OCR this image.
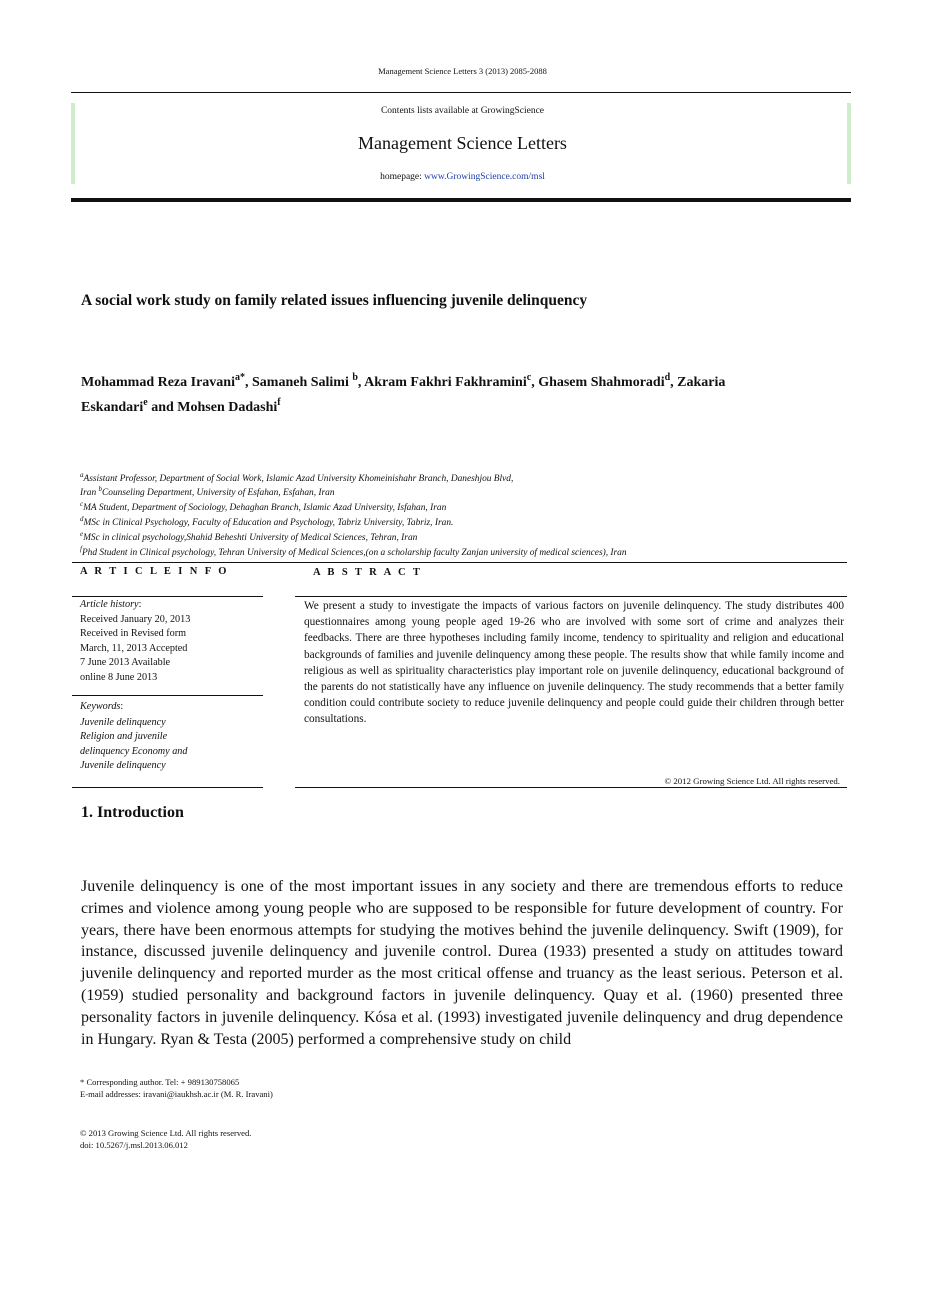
Management Science Letters 3 (2013) 2085-2088
Contents lists available at GrowingScience
Management Science Letters
homepage: www.GrowingScience.com/msl
A social work study on family related issues influencing juvenile delinquency
Mohammad Reza Iravani$^{a*}$, Samaneh Salimi $^b$, Akram Fakhri Fakhramini$^c$, Ghasem Shahmoradi$^d$, Zakaria Eskandari$^e$ and Mohsen Dadashi$^f$
$^a$Assistant Professor, Department of Social Work, Islamic Azad University Khomeinishahr Branch, Daneshjou Blvd,
Iran $^b$Counseling Department, University of Esfahan, Esfahan, Iran
$^c$MA Student, Department of Sociology, Dehaghan Branch, Islamic Azad University, Isfahan, Iran
$^d$MSc in Clinical Psychology, Faculty of Education and Psychology, Tabriz University, Tabriz, Iran.
$^e$MSc in clinical psychology,Shahid Beheshti University of Medical Sciences, Tehran, Iran
$^f$Phd Student in Clinical psychology, Tehran University of Medical Sciences,(on a scholarship faculty Zanjan university of medical sciences), Iran
A R T I C L E I N F O	A B S T R A C T
Article history:
Received January 20, 2013
Received in Revised form
March, 11, 2013 Accepted
7 June 2013 Available
online 8 June 2013
Keywords:
Juvenile delinquency
Religion and juvenile
delinquency Economy and
Juvenile delinquency
We present a study to investigate the impacts of various factors on juvenile delinquency. The study distributes 400 questionnaires among young people aged 19-26 who are involved with some sort of crime and analyzes their feedbacks. There are three hypotheses including family income, tendency to spirituality and religion and educational backgrounds of families and juvenile delinquency among these people. The results show that while family income and religious as well as spirituality characteristics play important role on juvenile delinquency, educational background of the parents do not statistically have any influence on juvenile delinquency. The study recommends that a better family condition could contribute society to reduce juvenile delinquency and people could guide their children through better consultations.
© 2012 Growing Science Ltd. All rights reserved.
1. Introduction
Juvenile delinquency is one of the most important issues in any society and there are tremendous efforts to reduce crimes and violence among young people who are supposed to be responsible for future development of country. For years, there have been enormous attempts for studying the motives behind the juvenile delinquency. Swift (1909), for instance, discussed juvenile delinquency and juvenile control. Durea (1933) presented a study on attitudes toward juvenile delinquency and reported murder as the most critical offense and truancy as the least serious. Peterson et al. (1959) studied personality and background factors in juvenile delinquency. Quay et al. (1960) presented three personality factors in juvenile delinquency. Kósa et al. (1993) investigated juvenile delinquency and drug dependence in Hungary. Ryan & Testa (2005) performed a comprehensive study on child
* Corresponding author. Tel: + 989130758065
E-mail addresses: iravani@iaukhsh.ac.ir (M. R. Iravani)
© 2013 Growing Science Ltd. All rights reserved.
doi: 10.5267/j.msl.2013.06.012
